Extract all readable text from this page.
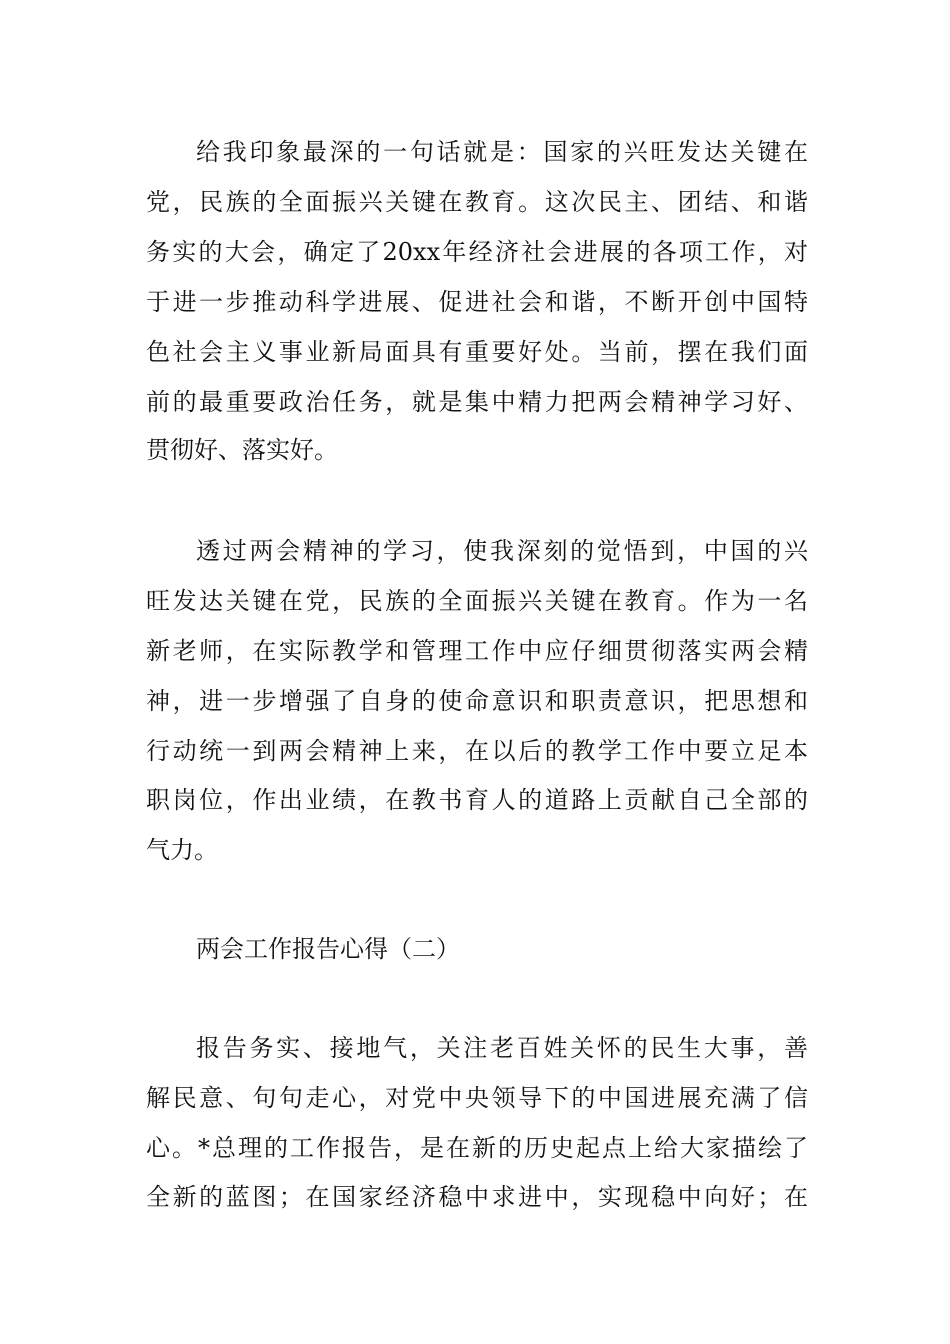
给我印象最深的一句话就是：国家的兴旺发达关键在

党，民族的全面振兴关键在教育。这次民主、团结、和谐

务实的大会，确定了20xx年经济社会进展的各项工作，对

于进一步推动科学进展、促进社会和谐，不断开创中国特

色社会主义事业新局面具有重要好处。当前，摆在我们面

前的最重要政治任务，就是集中精力把两会精神学习好、

贯彻好、落实好。

透过两会精神的学习，使我深刻的觉悟到，中国的兴

旺发达关键在党，民族的全面振兴关键在教育。作为一名

新老师，在实际教学和管理工作中应仔细贯彻落实两会精

神，进一步增强了自身的使命意识和职责意识，把思想和

行动统一到两会精神上来，在以后的教学工作中要立足本

职岗位，作出业绩，在教书育人的道路上贡献自己全部的

气力。

两会工作报告心得（二）

报告务实、接地气，关注老百姓关怀的民生大事，善

解民意、句句走心，对党中央领导下的中国进展充满了信

心。*总理的工作报告，是在新的历史起点上给大家描绘了

全新的蓝图；在国家经济稳中求进中，实现稳中向好；在
